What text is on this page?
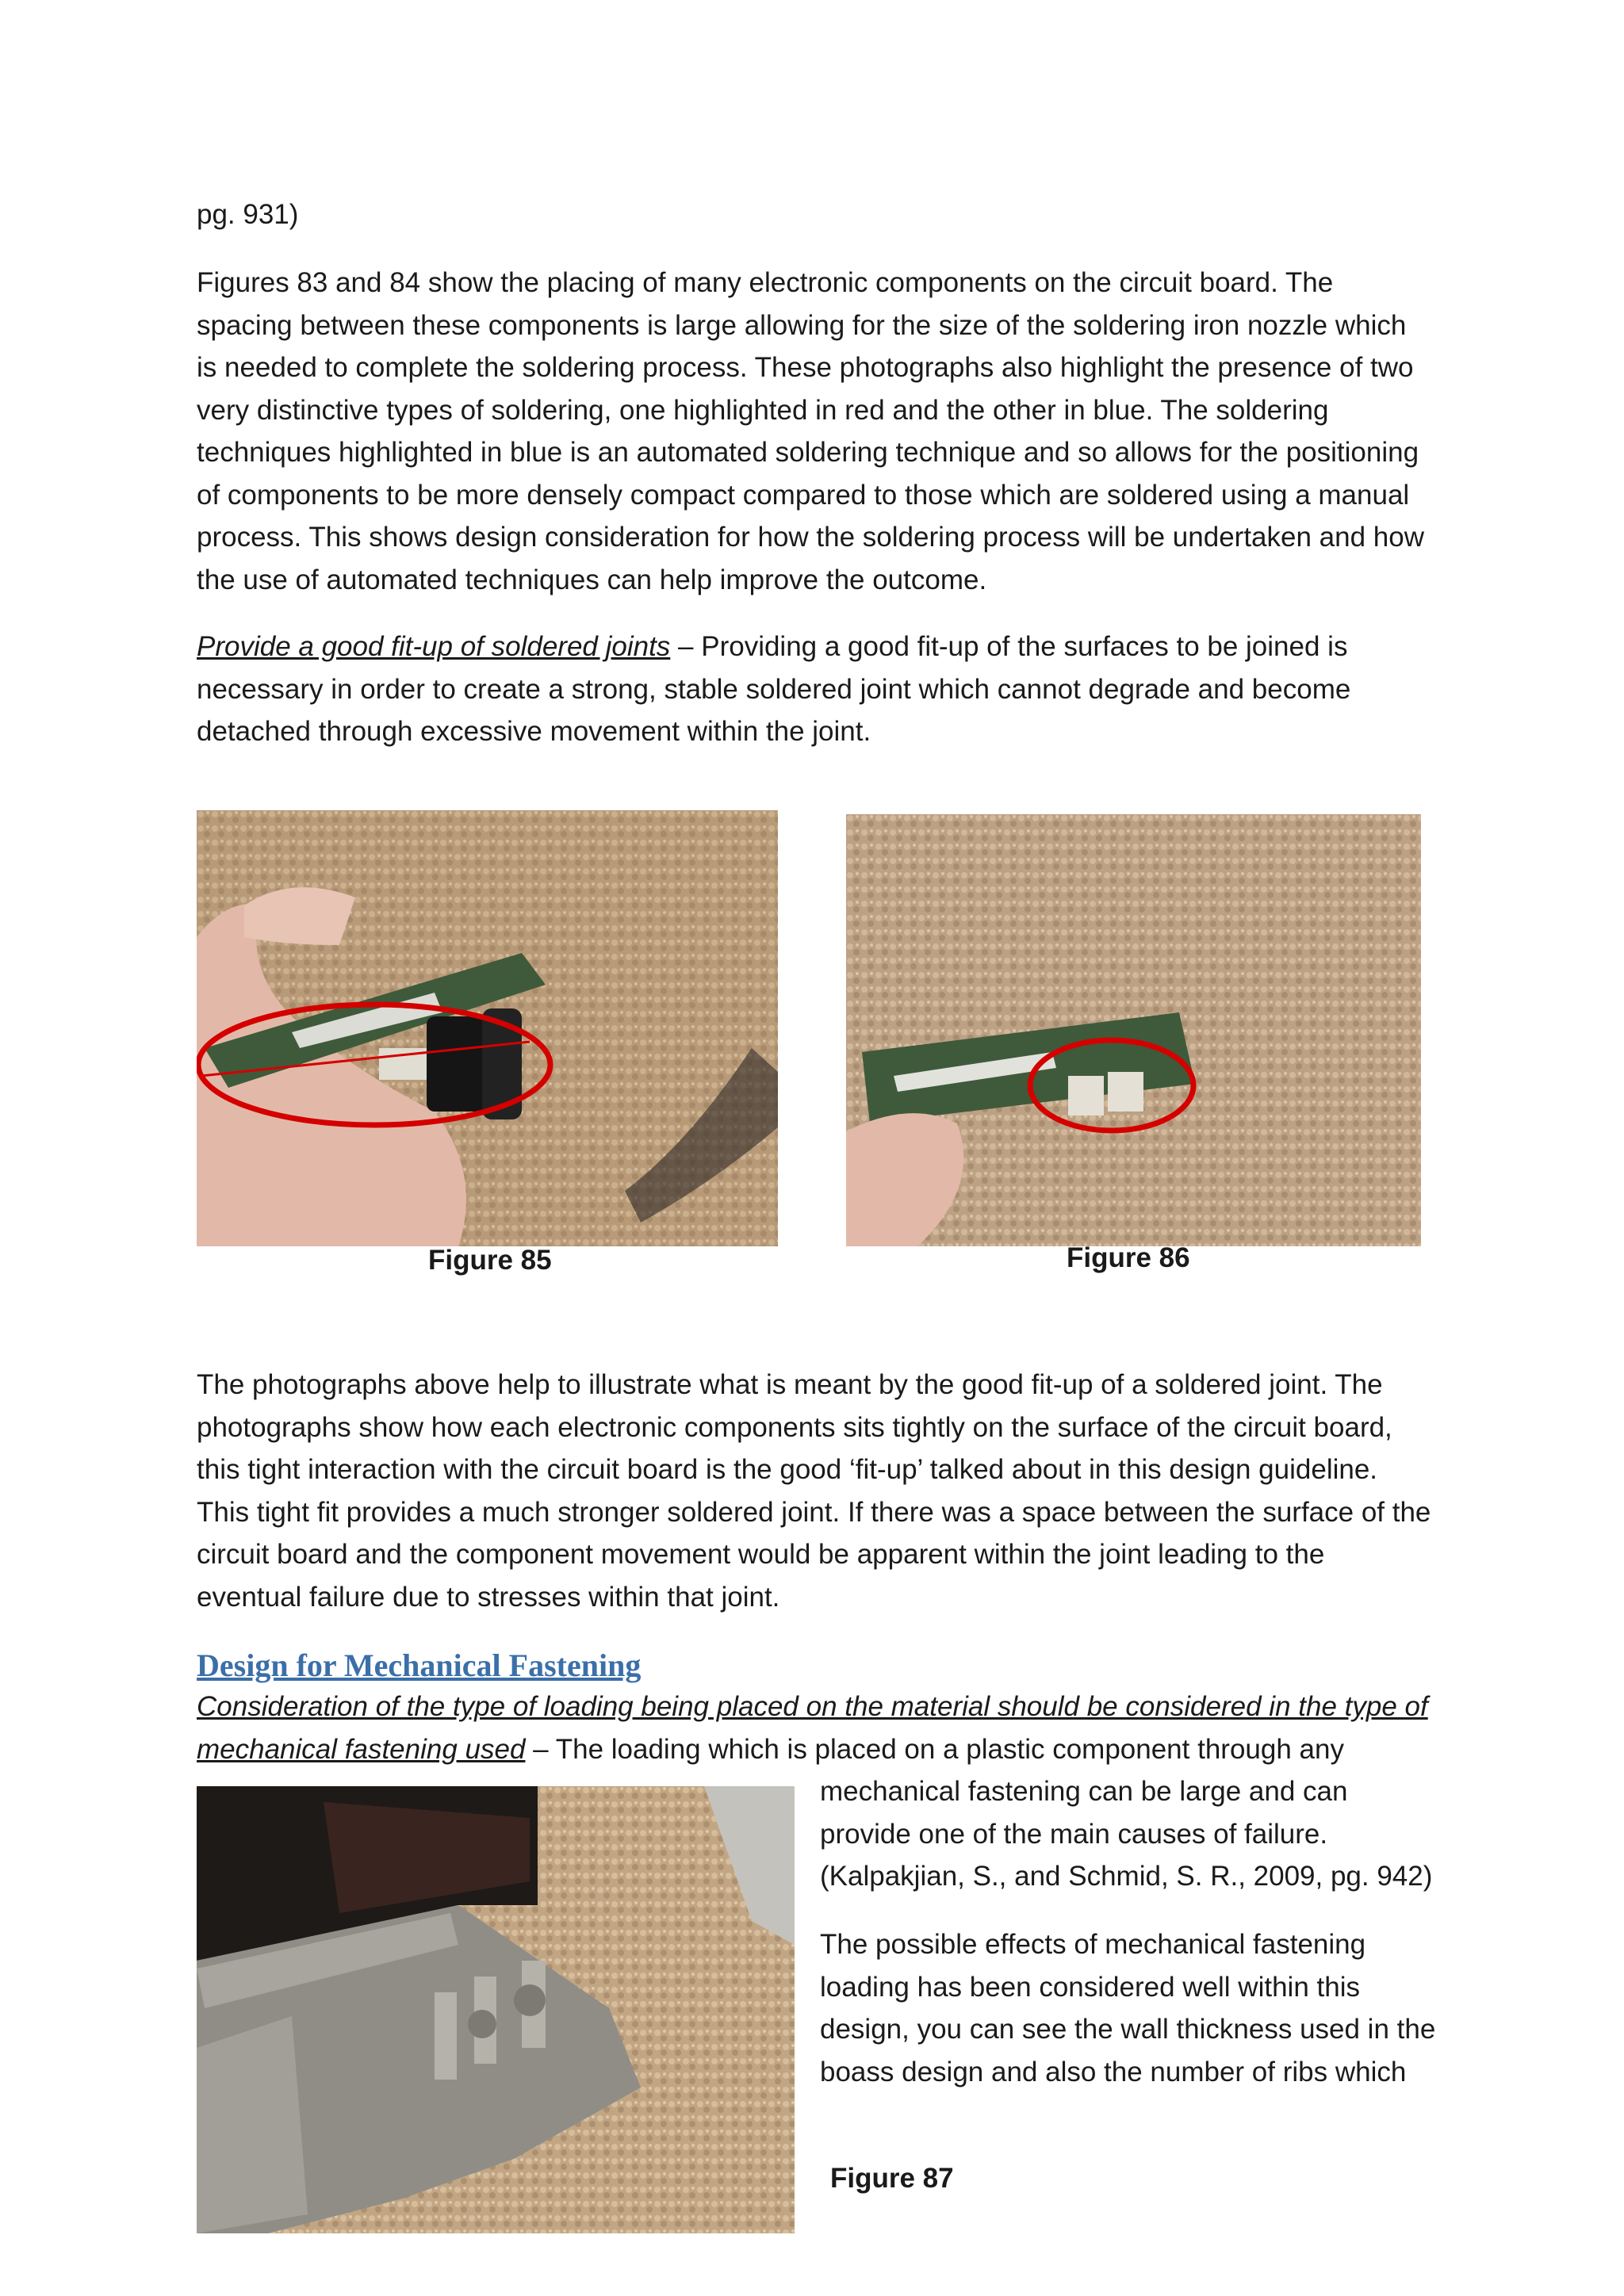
pg. 931)

Figures 83 and 84 show the placing of many electronic components on the circuit board. The spacing between these components is large allowing for the size of the soldering iron nozzle which is needed to complete the soldering process. These photographs also highlight the presence of two very distinctive types of soldering, one highlighted in red and the other in blue. The soldering techniques highlighted in blue is an automated soldering technique and so allows for the positioning of components to be more densely compact compared to those which are soldered using a manual process. This shows design consideration for how the soldering process will be undertaken and how the use of automated techniques can help improve the outcome.

Provide a good fit-up of soldered joints – Providing a good fit-up of the surfaces to be joined is necessary in order to create a strong, stable soldered joint which cannot degrade and become detached through excessive movement within the joint.

Figure 85	Figure 86

The photographs above help to illustrate what is meant by the good fit-up of a soldered joint. The photographs show how each electronic components sits tightly on the surface of the circuit board, this tight interaction with the circuit board is the good ‘fit-up’ talked about in this design guideline. This tight fit provides a much stronger soldered joint. If there was a space between the surface of the circuit board and the component movement would be apparent within the joint leading to the eventual failure due to stresses within that joint.

Design for Mechanical Fastening

Consideration of the type of loading being placed on the material should be considered in the type of mechanical fastening used – The loading which is placed on a plastic component through any

mechanical fastening can be large and can provide one of the main causes of failure. (Kalpakjian, S., and Schmid, S. R., 2009, pg. 942)
The possible effects of mechanical fastening loading has been considered well within this design, you can see the wall thickness used in the boass design and also the number of ribs which
Figure 87
